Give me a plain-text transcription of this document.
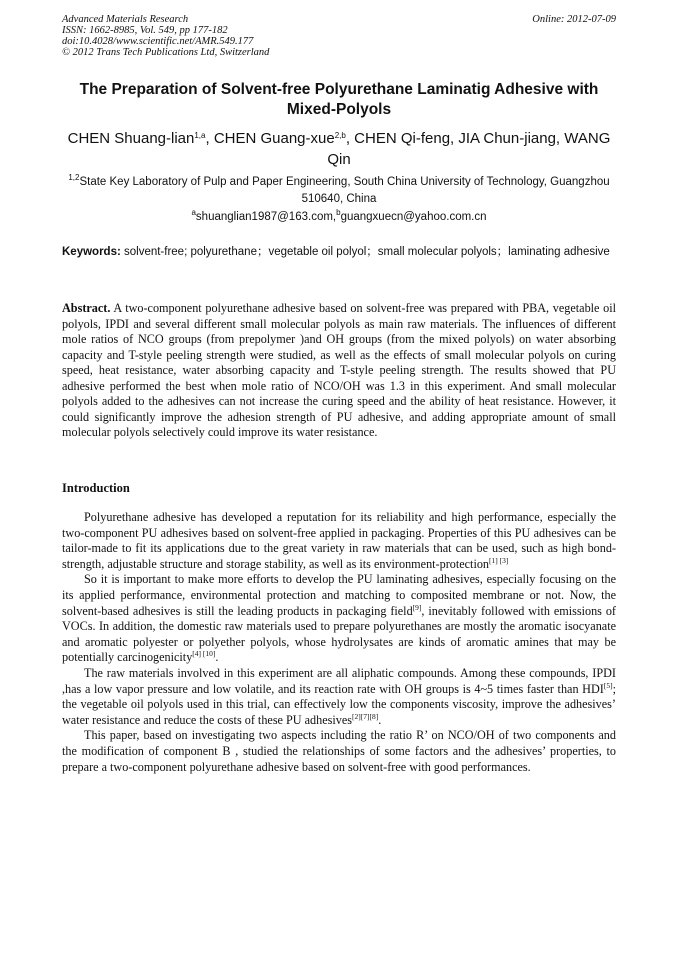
Advanced Materials Research
ISSN: 1662-8985, Vol. 549, pp 177-182
doi:10.4028/www.scientific.net/AMR.549.177
© 2012 Trans Tech Publications Ltd, Switzerland
Online: 2012-07-09
The Preparation of Solvent-free Polyurethane Laminatig Adhesive with Mixed-Polyols
CHEN Shuang-lian$^{1,a}$, CHEN Guang-xue$^{2,b}$, CHEN Qi-feng, JIA Chun-jiang, WANG Qin
$^{1,2}$State Key Laboratory of Pulp and Paper Engineering, South China University of Technology, Guangzhou 510640, China
$^a$shuanglian1987@163.com,$^b$guangxuecn@yahoo.com.cn
Keywords: solvent-free; polyurethane；vegetable oil polyol；small molecular polyols；laminating adhesive

Abstract. A two-component polyurethane adhesive based on solvent-free was prepared with PBA, vegetable oil polyols, IPDI and several different small molecular polyols as main raw materials. The influences of different mole ratios of NCO groups (from prepolymer )and OH groups (from the mixed polyols) on water absorbing capacity and T-style peeling strength were studied, as well as the effects of small molecular polyols on curing speed, heat resistance, water absorbing capacity and T-style peeling strength. The results showed that PU adhesive performed the best when mole ratio of NCO/OH was 1.3 in this experiment. And small molecular polyols added to the adhesives can not increase the curing speed and the ability of heat resistance. However, it could significantly improve the adhesion strength of PU adhesive, and adding appropriate amount of small molecular polyols selectively could improve its water resistance.

Introduction

Polyurethane adhesive has developed a reputation for its reliability and high performance, especially the two-component PU adhesives based on solvent-free applied in packaging. Properties of this PU adhesives can be tailor-made to fit its applications due to the great variety in raw materials that can be used, such as high bond-strength, adjustable structure and storage stability, as well as its environment-protection[1] [3]

So it is important to make more efforts to develop the PU laminating adhesives, especially focusing on the its applied performance, environmental protection and matching to composited membrane or not. Now, the solvent-based adhesives is still the leading products in packaging field[9], inevitably followed with emissions of VOCs. In addition, the domestic raw materials used to prepare polyurethanes are mostly the aromatic isocyanate and aromatic polyester or polyether polyols, whose hydrolysates are kinds of aromatic amines that may be potentially carcinogenicity[4] [10].

The raw materials involved in this experiment are all aliphatic compounds. Among these compounds, IPDI ,has a low vapor pressure and low volatile, and its reaction rate with OH groups is 4~5 times faster than HDI[5]; the vegetable oil polyols used in this trial, can effectively low the components viscosity, improve the adhesives’ water resistance and reduce the costs of these PU adhesives[2][7][8].

This paper, based on investigating two aspects including the ratio R’ on NCO/OH of two components and the modification of component B , studied the relationships of some factors and the adhesives’ properties, to prepare a two-component polyurethane adhesive based on solvent-free with good performances.
